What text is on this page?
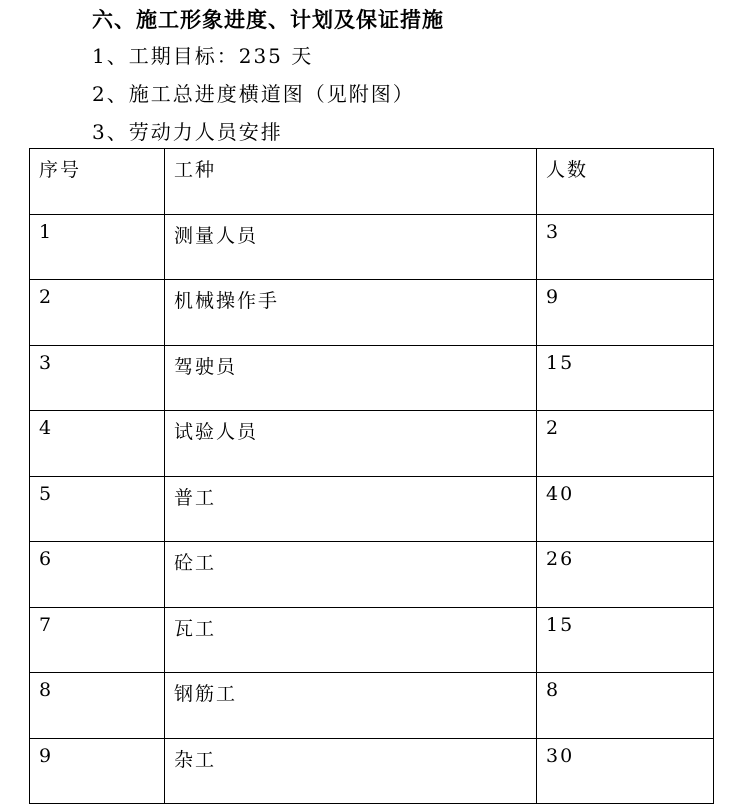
六、施工形象进度、计划及保证措施
1、工期目标：235 天
2、施工总进度横道图（见附图）
3、劳动力人员安排
序号	工种	人数
1	测量人员	3
2	机械操作手	9
3	驾驶员	15
4	试验人员	2
5	普工	40
6	砼工	26
7	瓦工	15
8	钢筋工	8
9	杂工	30
